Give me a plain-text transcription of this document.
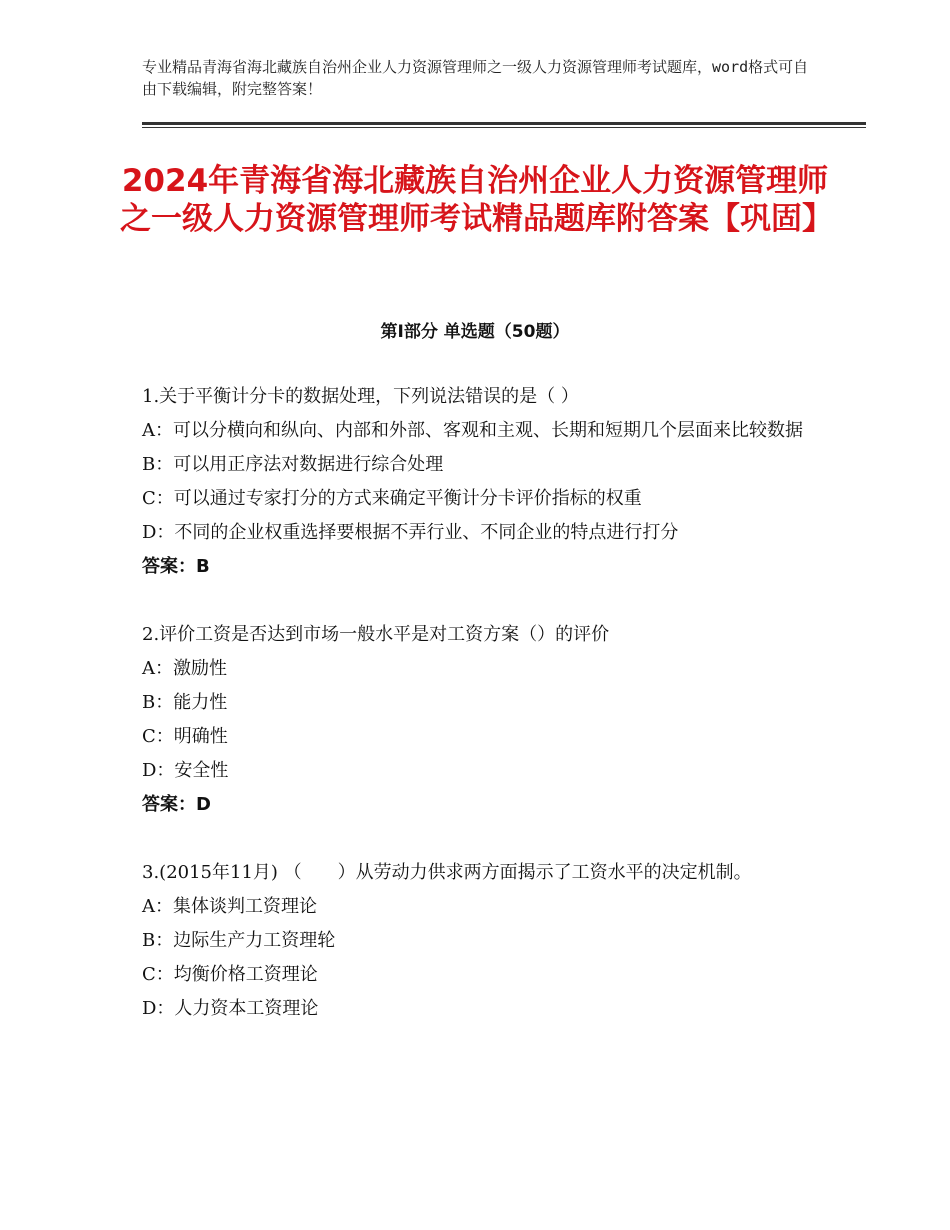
专业精品青海省海北藏族自治州企业人力资源管理师之一级人力资源管理师考试题库，word格式可自由下载编辑，附完整答案！
2024年青海省海北藏族自治州企业人力资源管理师之一级人力资源管理师考试精品题库附答案【巩固】
第Ⅰ部分 单选题（50题）
1.关于平衡计分卡的数据处理，下列说法错误的是（ ）
A：可以分横向和纵向、内部和外部、客观和主观、长期和短期几个层面来比较数据
B：可以用正序法对数据进行综合处理
C：可以通过专家打分的方式来确定平衡计分卡评价指标的权重
D：不同的企业权重选择要根据不弄行业、不同企业的特点进行打分
答案：B
2.评价工资是否达到市场一般水平是对工资方案（）的评价
A：激励性
B：能力性
C：明确性
D：安全性
答案：D
3.(2015年11月) （　　）从劳动力供求两方面揭示了工资水平的决定机制。
A：集体谈判工资理论
B：边际生产力工资理轮
C：均衡价格工资理论
D：人力资本工资理论
